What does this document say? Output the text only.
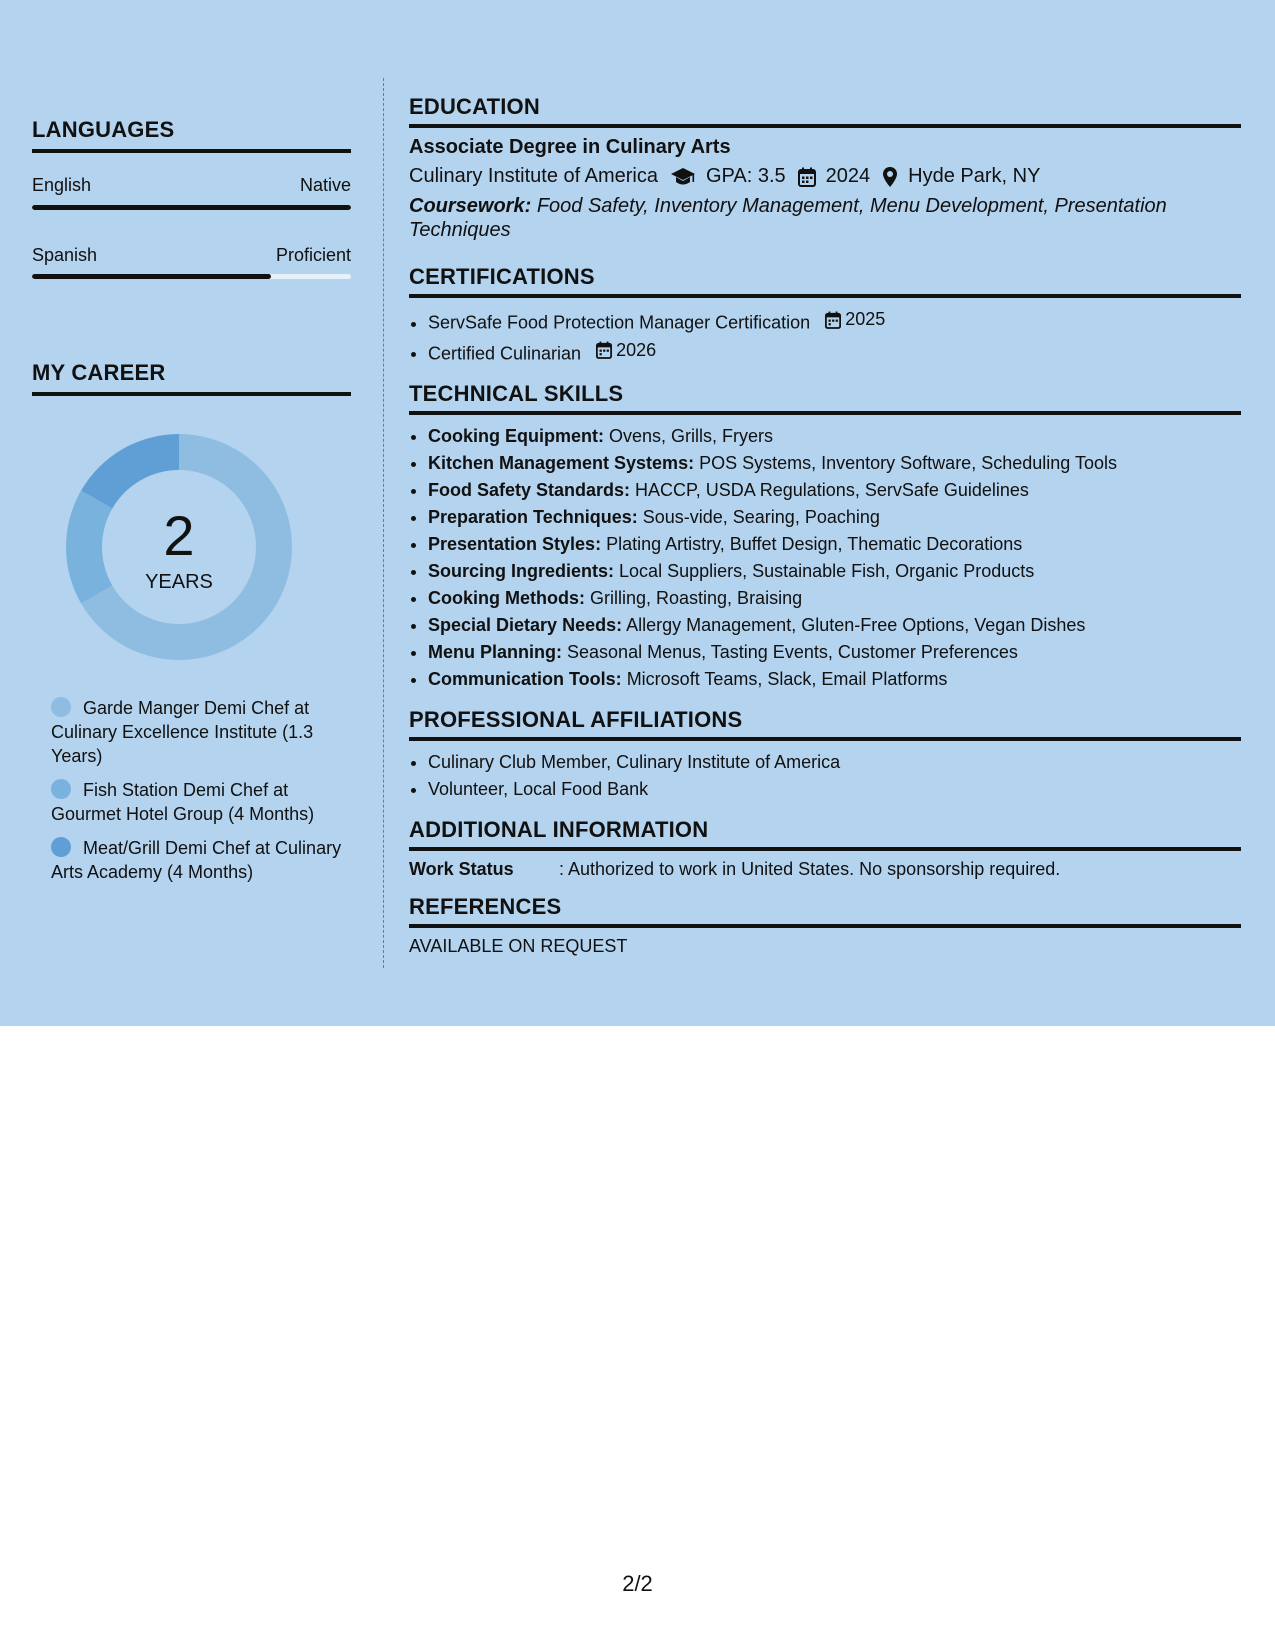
LANGUAGES
English	Native
Spanish	Proficient
MY CAREER
2
YEARS
Garde Manger Demi Chef at Culinary Excellence Institute (1.3 Years)
Fish Station Demi Chef at Gourmet Hotel Group (4 Months)
Meat/Grill Demi Chef at Culinary Arts Academy (4 Months)
EDUCATION
Associate Degree in Culinary Arts
Culinary Institute of America GPA: 3.5 2024 Hyde Park, NY
Coursework: Food Safety, Inventory Management, Menu Development, Presentation Techniques
CERTIFICATIONS
• ServSafe Food Protection Manager Certification 2025
• Certified Culinarian 2026
TECHNICAL SKILLS
• Cooking Equipment: Ovens, Grills, Fryers
• Kitchen Management Systems: POS Systems, Inventory Software, Scheduling Tools
• Food Safety Standards: HACCP, USDA Regulations, ServSafe Guidelines
• Preparation Techniques: Sous-vide, Searing, Poaching
• Presentation Styles: Plating Artistry, Buffet Design, Thematic Decorations
• Sourcing Ingredients: Local Suppliers, Sustainable Fish, Organic Products
• Cooking Methods: Grilling, Roasting, Braising
• Special Dietary Needs: Allergy Management, Gluten-Free Options, Vegan Dishes
• Menu Planning: Seasonal Menus, Tasting Events, Customer Preferences
• Communication Tools: Microsoft Teams, Slack, Email Platforms
PROFESSIONAL AFFILIATIONS
• Culinary Club Member, Culinary Institute of America
• Volunteer, Local Food Bank
ADDITIONAL INFORMATION
Work Status	: Authorized to work in United States. No sponsorship required.
REFERENCES
AVAILABLE ON REQUEST
2/2
